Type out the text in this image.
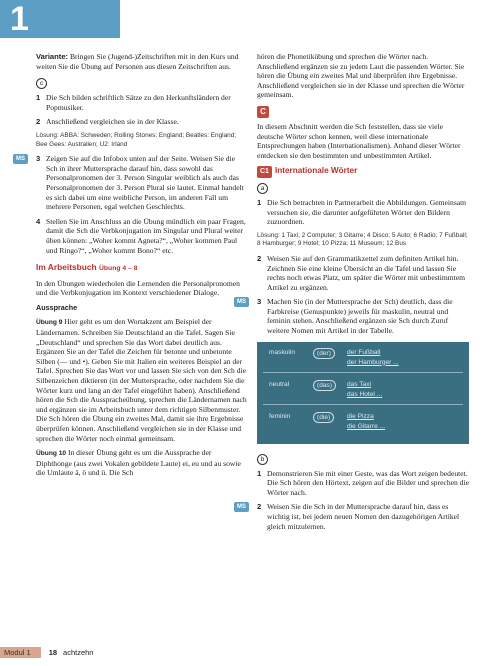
1

Variante: Bringen Sie (Jugend-)Zeitschriften mit in den Kurs und weiten Sie die Übung auf Personen aus diesen Zeitschriften aus.

c
1 Die Sch bilden schriftlich Sätze zu den Herkunftsländern der Popmusiker.
2 Anschließend vergleichen sie in der Klasse.

Lösung: ABBA: Schweden; Rolling Stones: England; Beatles: England; Bee Gees: Australien; U2: Irland

MS	3 Zeigen Sie auf die Infobox unten auf der Seite. Weisen Sie die Sch in ihrer Muttersprache darauf hin, dass sowohl das Personalpronomen der 3. Person Singular weiblich als auch das Personalpronomen der 3. Person Plural sie lautet. Einmal handelt es sich dabei um eine weibliche Person, im anderen Fall um mehrere Personen, egal welchen Geschlechts.
4 Stellen Sie im Anschluss an die Übung mündlich ein paar Fragen, damit die Sch die Verbkonjugation im Singular und Plural weiter üben können: „Woher kommt Agneta?“, „Woher kommen Paul und Ringo?“, „Woher kommt Bono?“ etc.
Im Arbeitsbuch Übung 4 – 8

In den Übungen wiederholen die Lernenden die Personalpronomen und die Verbkonjugation im Kontext verschiedener Dialoge.

Aussprache

Übung 9 Hier geht es um den Wortakzent am Beispiel der Ländernamen. Schreiben Sie Deutschland an die Tafel. Sagen Sie „Deutschland“ und sprechen Sie das Wort dabei deutlich aus. Ergänzen Sie an der Tafel die Zeichen für betonte und unbetonte Silben (— und •). Geben Sie mit Italien ein weiteres Beispiel an der Tafel. Sprechen Sie das Wort vor und lassen Sie sich von den Sch die Silbenzeichen diktieren (in der Muttersprache, oder nachdem Sie die Wörter kurz und lang an der Tafel eingeführt haben). Anschließend hören die Sch die Ausspracheübung, sprechen die Ländernamen nach und ergänzen sie im Arbeitsbuch unter dem richtigen Silbenmuster. Die Sch hören die Übung ein zweites Mal, damit sie ihre Ergebnisse überprüfen können. Anschließend vergleichen sie in der Klasse und sprechen die Wörter noch einmal gemeinsam.

Übung 10 In dieser Übung geht es um die Aussprache der Diphthonge (aus zwei Vokalen gebildete Laute) ei, eu und au sowie die Umlaute ä, ö und ü. Die Sch

hören die Phonetikübung und sprechen die Wörter nach. Anschließend ergänzen sie zu jedem Laut die passenden Wörter. Sie hören die Übung ein zweites Mal und überprüfen ihre Ergebnisse. Anschließend vergleichen sie in der Klasse und sprechen die Wörter gemeinsam.

C

In diesem Abschnitt werden die Sch feststellen, dass sie viele deutsche Wörter schon kennen, weil diese internationale Entsprechungen haben (Internationalismen). Anhand dieser Wörter entdecken sie den bestimmten und unbestimmten Artikel.

C1 Internationale Wörter
a
1 Die Sch betrachten in Partnerarbeit die Abbildungen. Gemeinsam versuchen sie, die darunter aufgeführten Wörter den Bildern zuzuordnen.

Lösung: 1 Taxi; 2 Computer; 3 Gitarre; 4 Disco; 5 Auto; 6 Radio; 7 Fußball; 8 Hamburger; 9 Hotel; 10 Pizza; 11 Museum; 12 Bus

2 Weisen Sie auf den Grammatikzettel zum definiten Artikel hin. Zeichnen Sie eine kleine Übersicht an die Tafel und lassen Sie rechts noch etwas Platz, um später die Wörter mit unbestimmtem Artikel zu ergänzen.
MS	3 Machen Sie (in der Muttersprache der Sch) deutlich, dass die Farbkreise (Genuspunkte) jeweils für maskulin, neutral und feminin stehen. Anschließend ergänzen sie Sch durch Zuruf weitere Nomen mit Artikel in der Tabelle.
maskulin	(der)	der Fußball
der Hamburger ...
neutral	(das)	das Taxi
das Hotel ...
feminin	(die)	die Pizza
die Gitarre ...
b
1 Demonstrieren Sie mit einer Geste, was das Wort zeigen bedeutet. Die Sch hören den Hörtext, zeigen auf die Bilder und sprechen die Wörter nach.
MS	2 Weisen Sie die Sch in der Muttersprache darauf hin, dass es wichtig ist, bei jedem neuen Nomen den dazugehörigen Artikel gleich mitzulernen.
Modul 1 18 achtzehn
